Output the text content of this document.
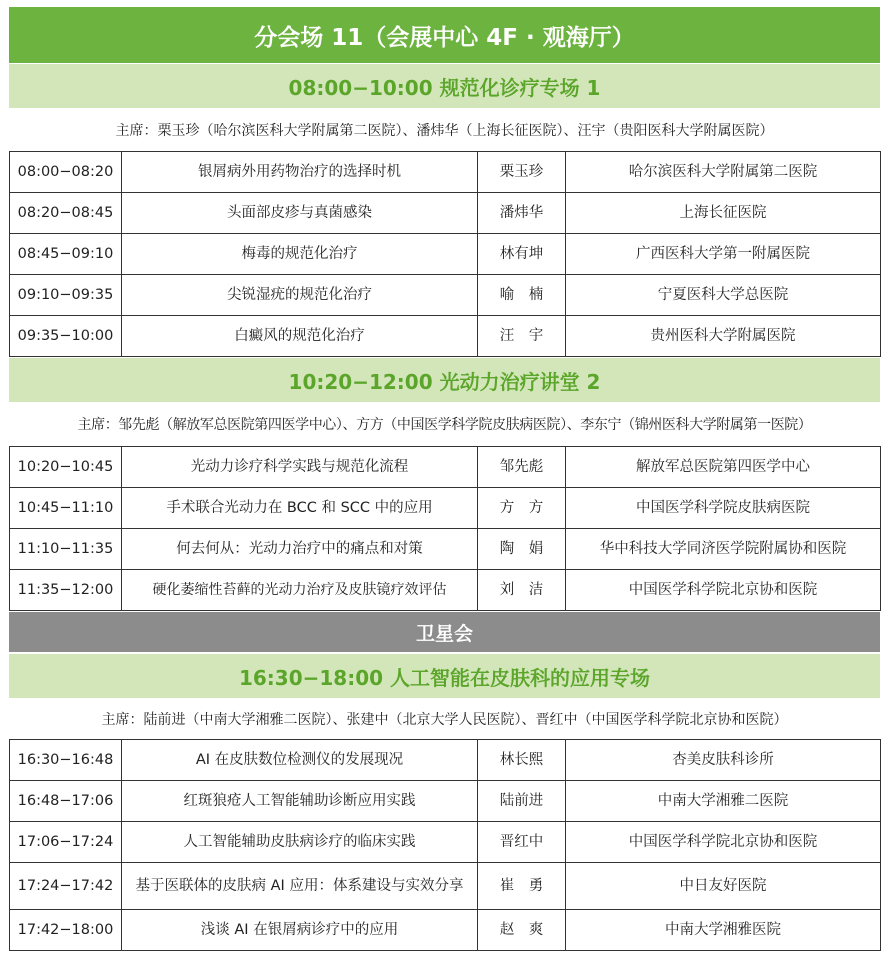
分会场 11（会展中心 4F · 观海厅）
08:00−10:00 规范化诊疗专场 1
主席：栗玉珍（哈尔滨医科大学附属第二医院）、潘炜华（上海长征医院）、汪宇（贵阳医科大学附属医院）
08:00−08:20	银屑病外用药物治疗的选择时机	栗玉珍	哈尔滨医科大学附属第二医院
08:20−08:45	头面部皮疹与真菌感染	潘炜华	上海长征医院
08:45−09:10	梅毒的规范化治疗	林有坤	广西医科大学第一附属医院
09:10−09:35	尖锐湿疣的规范化治疗	喻　楠	宁夏医科大学总医院
09:35−10:00	白癜风的规范化治疗	汪　宇	贵州医科大学附属医院
10:20−12:00 光动力治疗讲堂 2
主席：邹先彪（解放军总医院第四医学中心）、方方（中国医学科学院皮肤病医院）、李东宁（锦州医科大学附属第一医院）
10:20−10:45	光动力诊疗科学实践与规范化流程	邹先彪	解放军总医院第四医学中心
10:45−11:10	手术联合光动力在 BCC 和 SCC 中的应用	方　方	中国医学科学院皮肤病医院
11:10−11:35	何去何从：光动力治疗中的痛点和对策	陶　娟	华中科技大学同济医学院附属协和医院
11:35−12:00	硬化萎缩性苔藓的光动力治疗及皮肤镜疗效评估	刘　洁	中国医学科学院北京协和医院
卫星会
16:30−18:00 人工智能在皮肤科的应用专场
主席：陆前进（中南大学湘雅二医院）、张建中（北京大学人民医院）、晋红中（中国医学科学院北京协和医院）
16:30−16:48	AI 在皮肤数位检测仪的发展现况	林长熙	杏美皮肤科诊所
16:48−17:06	红斑狼疮人工智能辅助诊断应用实践	陆前进	中南大学湘雅二医院
17:06−17:24	人工智能辅助皮肤病诊疗的临床实践	晋红中	中国医学科学院北京协和医院
17:24−17:42	基于医联体的皮肤病 AI 应用：体系建设与实效分享	崔　勇	中日友好医院
17:42−18:00	浅谈 AI 在银屑病诊疗中的应用	赵　爽	中南大学湘雅医院
